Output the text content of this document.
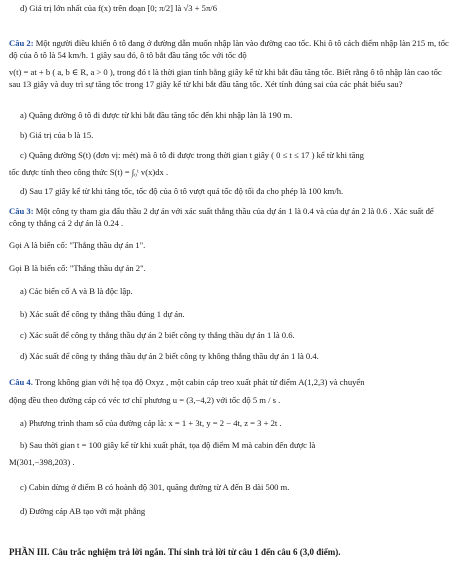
d) Giá trị lớn nhất của f(x) trên đoạn [0; π/2] là √3 + 5π/6
Câu 2: Một người điều khiển ô tô đang ở đường dẫn muốn nhập làn vào đường cao tốc. Khi ô tô cách điểm nhập làn 215 m, tốc độ của ô tô là 54 km/h. 1 giây sau đó, ô tô bắt đầu tăng tốc với tốc độ
v(t) = at + b ( a, b ∈ R, a > 0 ), trong đó t là thời gian tính bằng giây kể từ khi bắt đầu tăng tốc. Biết rằng ô tô nhập làn cao tốc sau 13 giây và duy trì sự tăng tốc trong 17 giây kể từ khi bắt đầu tăng tốc. Xét tính đúng sai của các phát biểu sau?
a) Quãng đường ô tô đi được từ khi bắt đầu tăng tốc đến khi nhập làn là 190 m.
b) Giá trị của b là 15.
c) Quãng đường S(t) (đơn vị: mét) mà ô tô đi được trong thời gian t giây ( 0 ≤ t ≤ 17 ) kể từ khi tăng
tốc được tính theo công thức S(t) = ∫₀ᵗ v(x)dx .
d) Sau 17 giây kể từ khi tăng tốc, tốc độ của ô tô vượt quá tốc độ tối đa cho phép là 100 km/h.
Câu 3: Một công ty tham gia đấu thầu 2 dự án với xác suất thắng thầu của dự án 1 là 0.4 và của dự án 2 là 0.6 . Xác suất để công ty thắng cả 2 dự án là 0.24 .
Gọi A là biến cố: "Thắng thầu dự án 1".
Gọi B là biến cố: "Thắng thầu dự án 2".
a) Các biến cố A và B là độc lập.
b) Xác suất để công ty thắng thầu đúng 1 dự án.
c) Xác suất để công ty thắng thầu dự án 2 biết công ty thắng thầu dự án 1 là 0.6.
d) Xác suất để công ty thắng thầu dự án 2 biết công ty không thắng thầu dự án 1 là 0.4.
Câu 4. Trong không gian với hệ tọa độ Oxyz , một cabin cáp treo xuất phát từ điểm A(1,2,3) và chuyển
động đều theo đường cáp có véc tơ chỉ phương u = (3,−4,2) với tốc độ 5 m / s .
a) Phương trình tham số của đường cáp là: x = 1 + 3t, y = 2 − 4t, z = 3 + 2t .
b) Sau thời gian t = 100 giây kể từ khi xuất phát, tọa độ điểm M mà cabin đến được là
M(301,−398,203) .
c) Cabin dừng ở điểm B có hoành độ 301, quãng đường từ A đến B dài 500 m.
d) Đường cáp AB tạo với mặt phẳng
PHẦN III. Câu trắc nghiệm trả lời ngắn. Thí sinh trả lời từ câu 1 đến câu 6 (3,0 điểm).
